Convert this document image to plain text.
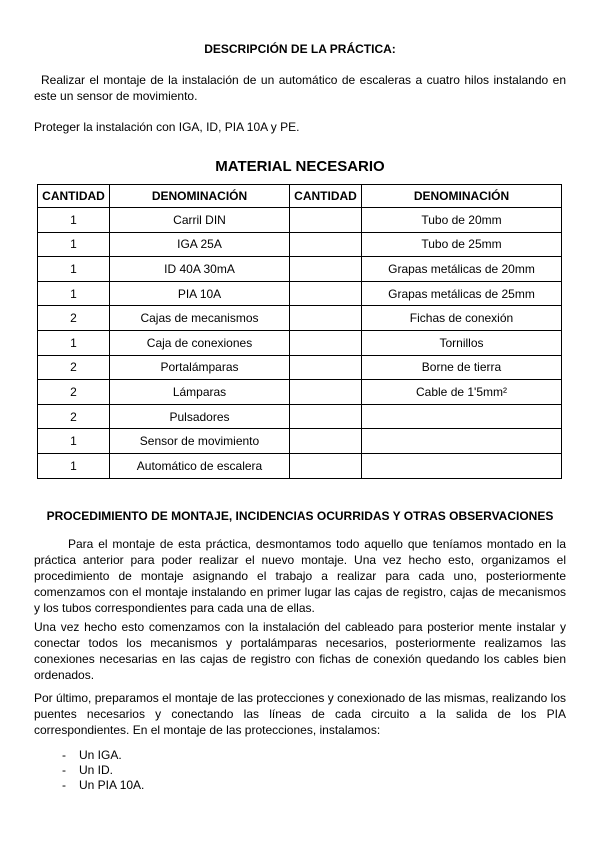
DESCRIPCIÓN DE LA PRÁCTICA:
Realizar el montaje de la instalación de un automático de escaleras a cuatro hilos instalando en este un sensor de movimiento.
Proteger la instalación con IGA, ID, PIA 10A y PE.
MATERIAL NECESARIO
CANTIDAD	DENOMINACIÓN	CANTIDAD	DENOMINACIÓN
1	Carril DIN		Tubo de 20mm
1	IGA 25A		Tubo de 25mm
1	ID 40A 30mA		Grapas metálicas de 20mm
1	PIA 10A		Grapas metálicas de 25mm
2	Cajas de mecanismos		Fichas de conexión
1	Caja de conexiones		Tornillos
2	Portalámparas		Borne de tierra
2	Lámparas		Cable de 1'5mm²
2	Pulsadores		
1	Sensor de movimiento		
1	Automático de escalera		
PROCEDIMIENTO DE MONTAJE, INCIDENCIAS OCURRIDAS Y OTRAS OBSERVACIONES
Para el montaje de esta práctica, desmontamos todo aquello que teníamos montado en la práctica anterior para poder realizar el nuevo montaje. Una vez hecho esto, organizamos el procedimiento de montaje asignando el trabajo a realizar para cada uno, posteriormente comenzamos con el montaje instalando en primer lugar las cajas de registro, cajas de mecanismos y los tubos correspondientes para cada una de ellas.
Una vez hecho esto comenzamos con la instalación del cableado para posterior mente instalar y conectar todos los mecanismos y portalámparas necesarios, posteriormente realizamos las conexiones necesarias en las cajas de registro con fichas de conexión quedando los cables bien ordenados.
Por último, preparamos el montaje de las protecciones y conexionado de las mismas, realizando los puentes necesarios y conectando las líneas de cada circuito a la salida de los PIA correspondientes. En el montaje de las protecciones, instalamos:
-	Un IGA.
-	Un ID.
-	Un PIA 10A.
